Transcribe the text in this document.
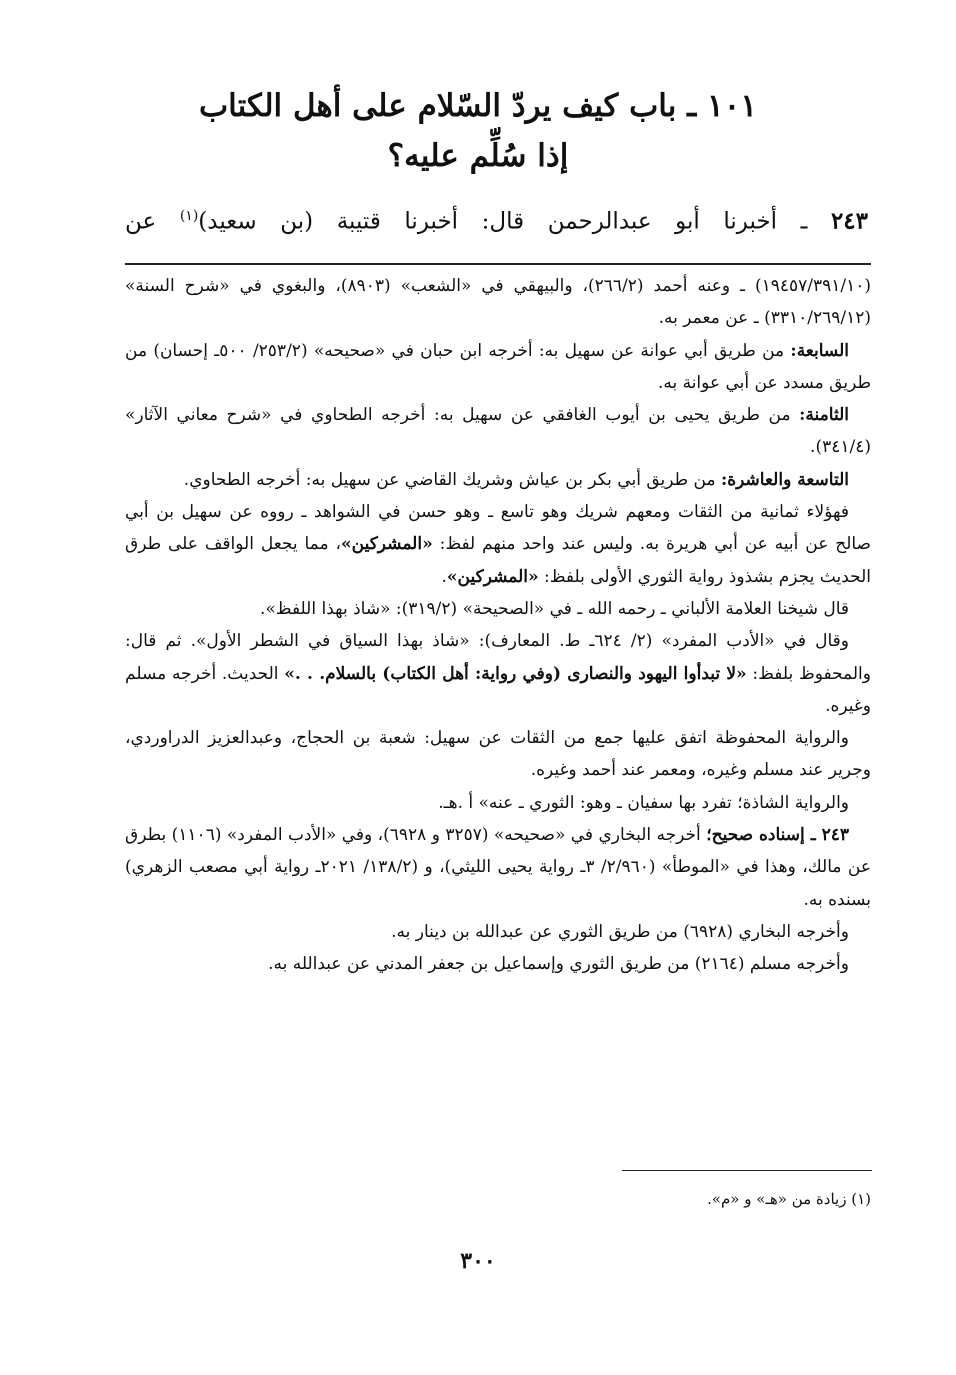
١٠١ ـ باب كيف يردّ السّلام على أهل الكتاب
إذا سُلِّم عليه؟

٢٤٣ ـ أخبرنا أبو عبدالرحمن قال: أخبرنا قتيبة (بن سعيد)$^{(١)}$ عن

(١٩٤٥٧/٣٩١/١٠) ـ وعنه أحمد (٢٦٦/٢)، والبيهقي في «الشعب» (٨٩٠٣)، والبغوي في «شرح السنة» (٣٣١٠/٢٦٩/١٢) ـ عن معمر به.

السابعة: من طريق أبي عوانة عن سهيل به: أخرجه ابن حبان في «صحيحه» (٢٥٣/٢/ ٥٠٠ـ إحسان) من طريق مسدد عن أبي عوانة به.

الثامنة: من طريق يحيى بن أيوب الغافقي عن سهيل به: أخرجه الطحاوي في «شرح معاني الآثار» (٣٤١/٤).

التاسعة والعاشرة: من طريق أبي بكر بن عياش وشريك القاضي عن سهيل به: أخرجه الطحاوي.

فهؤلاء ثمانية من الثقات ومعهم شريك وهو تاسع ـ وهو حسن في الشواهد ـ رووه عن سهيل بن أبي صالح عن أبيه عن أبي هريرة به. وليس عند واحد منهم لفظ: «المشركين»، مما يجعل الواقف على طرق الحديث يجزم بشذوذ رواية الثوري الأولى بلفظ: «المشركين».

قال شيخنا العلامة الألباني ـ رحمه الله ـ في «الصحيحة» (٣١٩/٢): «شاذ بهذا اللفظ».

وقال في «الأدب المفرد» (٢/ ٦٢٤ـ ط. المعارف): «شاذ بهذا السياق في الشطر الأول». ثم قال: والمحفوظ بلفظ: «لا تبدأوا اليهود والنصارى (وفي رواية: أهل الكتاب) بالسلام. . .» الحديث. أخرجه مسلم وغيره.

والرواية المحفوظة اتفق عليها جمع من الثقات عن سهيل: شعبة بن الحجاج، وعبدالعزيز الدراوردي، وجرير عند مسلم وغيره، ومعمر عند أحمد وغيره.

والرواية الشاذة؛ تفرد بها سفيان ـ وهو: الثوري ـ عنه» أ .هـ.

٢٤٣ ـ إسناده صحيح؛ أخرجه البخاري في «صحيحه» (٣٢٥٧ و ٦٩٢٨)، وفي «الأدب المفرد» (١١٠٦) بطرق عن مالك، وهذا في «الموطأ» (٢/٩٦٠/ ٣ـ رواية يحيى الليثي)، و (١٣٨/٢/ ٢٠٢١ـ رواية أبي مصعب الزهري) بسنده به.

وأخرجه البخاري (٦٩٢٨) من طريق الثوري عن عبدالله بن دينار به.

وأخرجه مسلم (٢١٦٤) من طريق الثوري وإسماعيل بن جعفر المدني عن عبدالله به.

(١) زيادة من «هـ» و «م».

٣٠٠
